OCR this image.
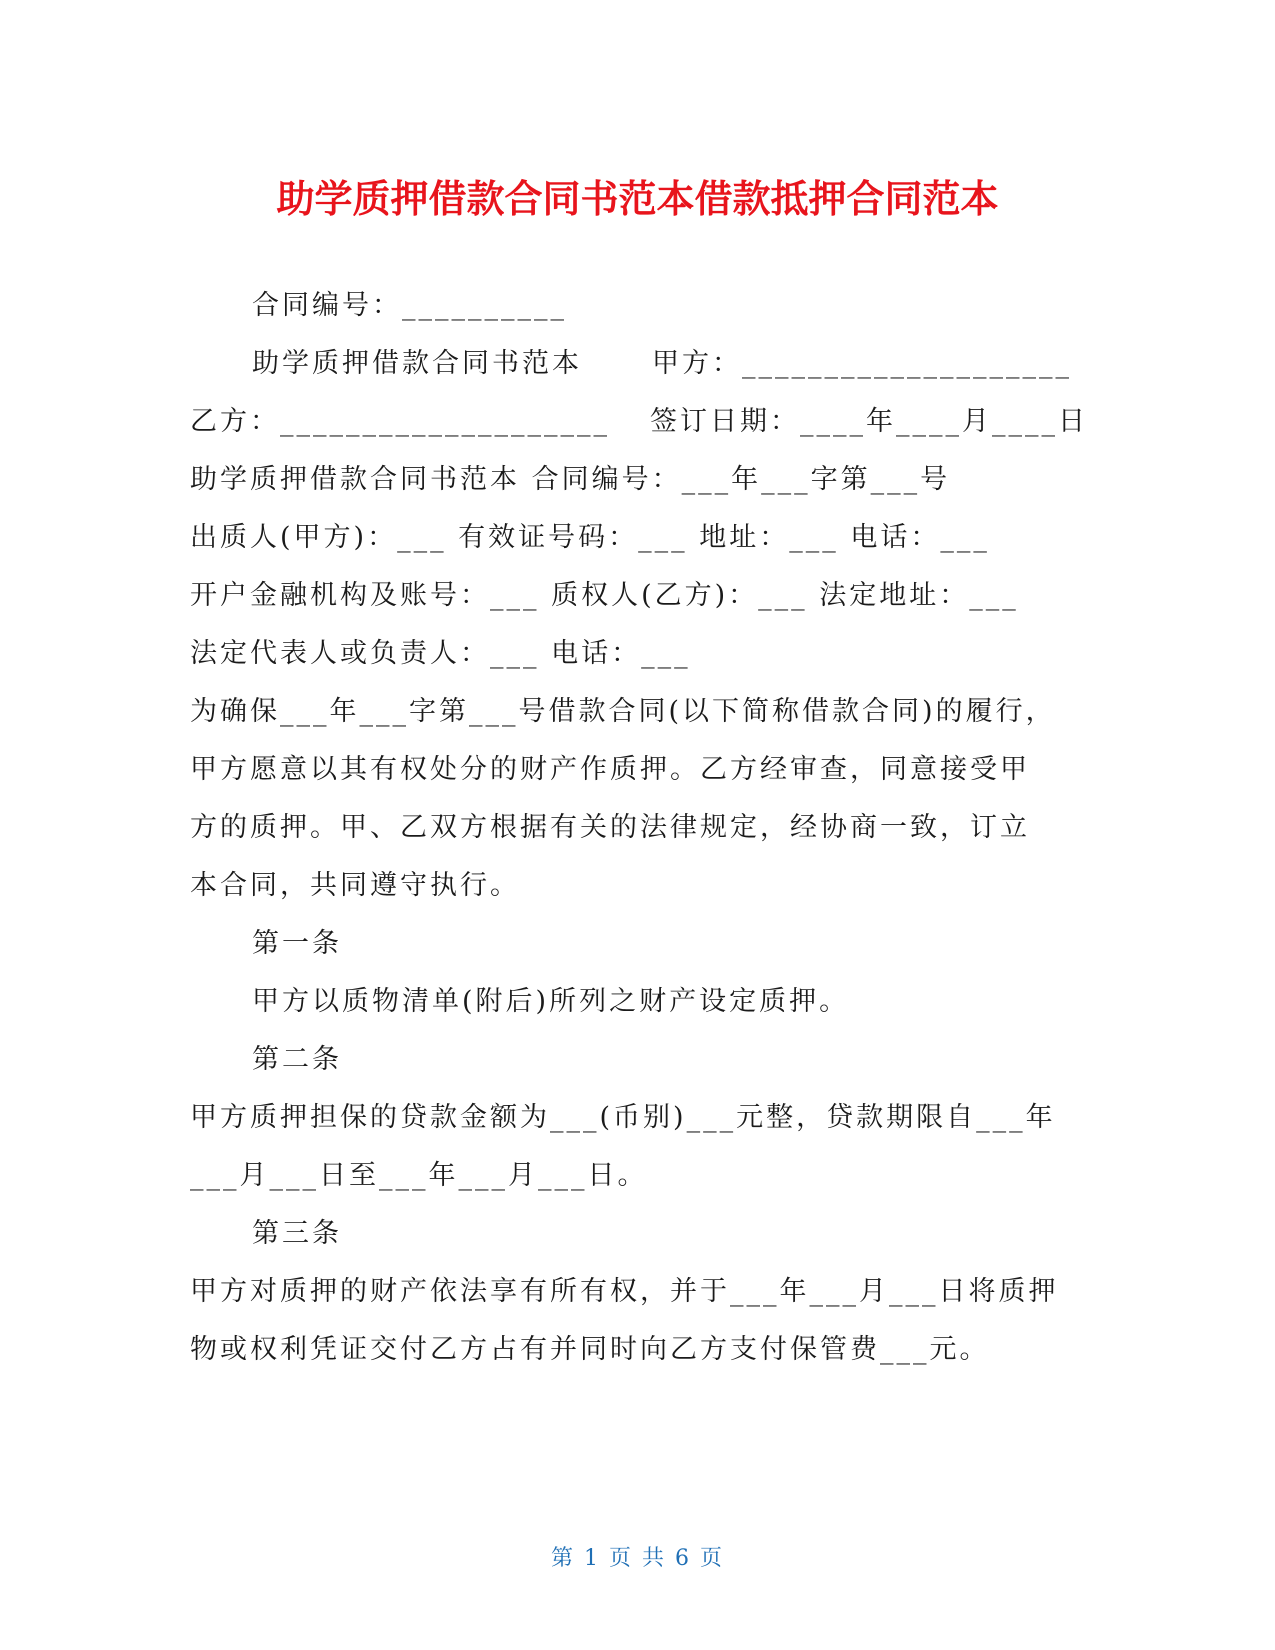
助学质押借款合同书范本借款抵押合同范本
合同编号：__________
助学质押借款合同书范本	甲方：____________________
乙方：____________________ 签订日期：____年____月____日
助学质押借款合同书范本 合同编号：___年___字第___号
出质人(甲方)：___ 有效证号码：___ 地址：___ 电话：___
开户金融机构及账号：___ 质权人(乙方)：___ 法定地址：___
法定代表人或负责人：___ 电话：___
为确保___年___字第___号借款合同(以下简称借款合同)的履行，
甲方愿意以其有权处分的财产作质押。乙方经审查，同意接受甲
方的质押。甲、乙双方根据有关的法律规定，经协商一致，订立
本合同，共同遵守执行。
第一条
甲方以质物清单(附后)所列之财产设定质押。
第二条
甲方质押担保的贷款金额为___(币别)___元整，贷款期限自___年
___月___日至___年___月___日。
第三条
甲方对质押的财产依法享有所有权，并于___年___月___日将质押
物或权利凭证交付乙方占有并同时向乙方支付保管费___元。
第 1 页 共 6 页
